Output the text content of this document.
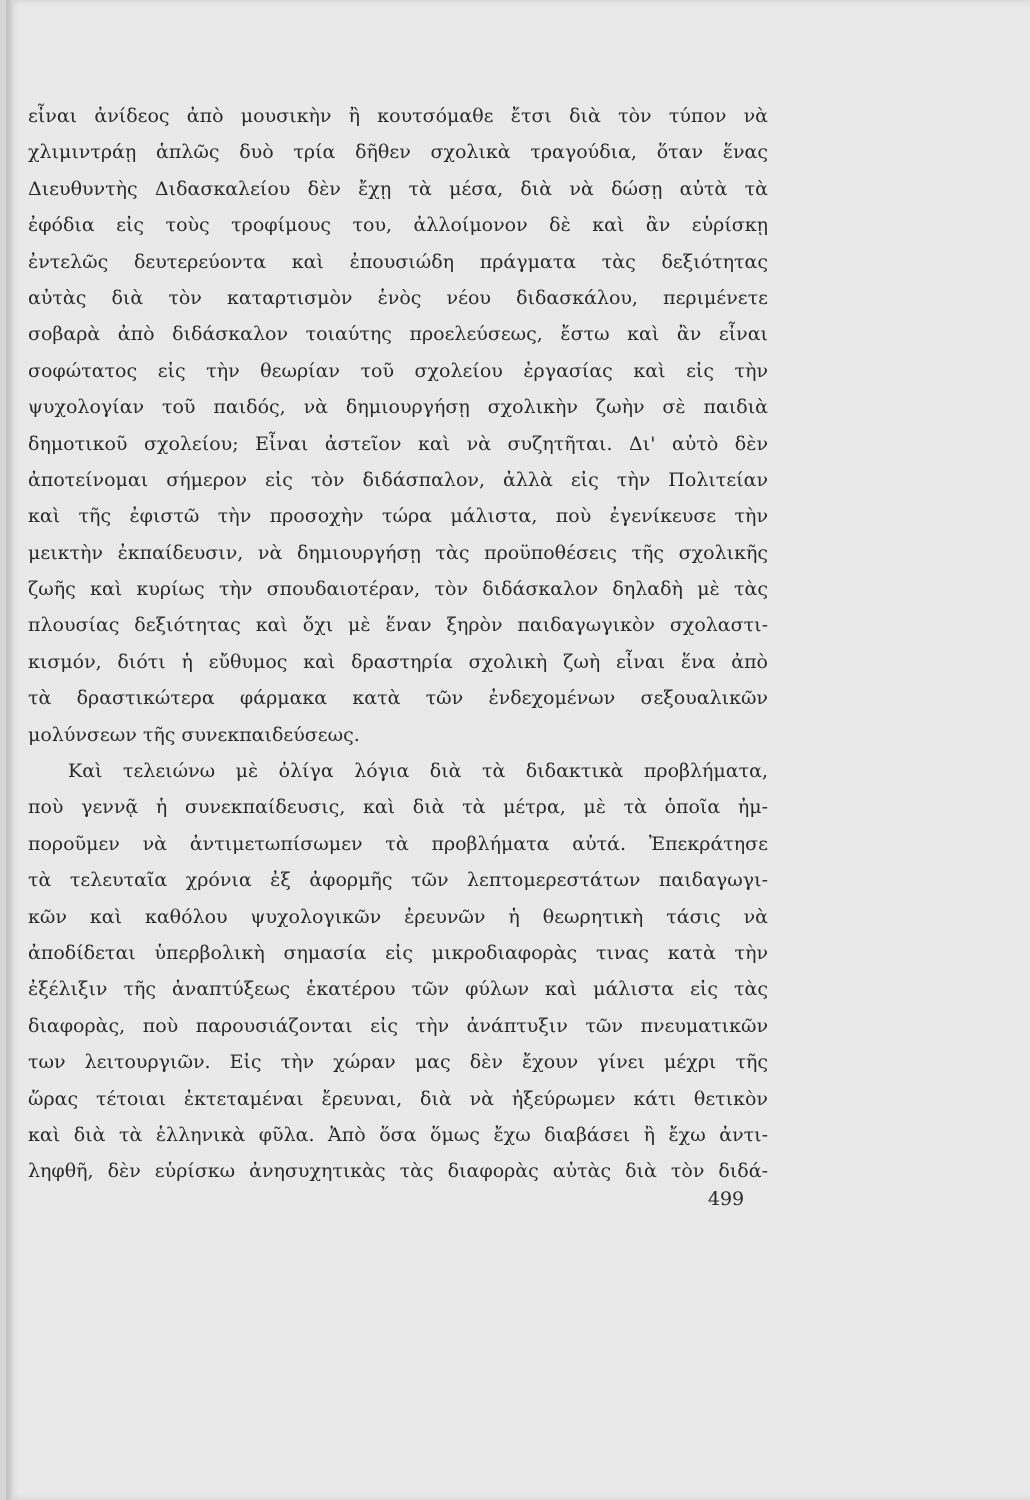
εἶναι ἀνίδεος ἀπὸ μουσικὴν ἢ κουτσόμαθε ἔτσι διὰ τὸν τύπον νὰ
χλιμιντράῃ ἁπλῶς δυὸ τρία δῆθεν σχολικὰ τραγούδια, ὅταν ἕνας
Διευθυντὴς Διδασκαλείου δὲν ἔχῃ τὰ μέσα, διὰ νὰ δώσῃ αὐτὰ τὰ
ἐφόδια εἰς τοὺς τροφίμους του, ἀλλοίμονον δὲ καὶ ἂν εὑρίσκῃ
ἐντελῶς δευτερεύοντα καὶ ἐπουσιώδη πράγματα τὰς δεξιότητας
αὐτὰς διὰ τὸν καταρτισμὸν ἑνὸς νέου διδασκάλου, περιμένετε
σοβαρὰ ἀπὸ διδάσκαλον τοιαύτης προελεύσεως, ἔστω καὶ ἂν εἶναι
σοφώτατος εἰς τὴν θεωρίαν τοῦ σχολείου ἐργασίας καὶ εἰς τὴν
ψυχολογίαν τοῦ παιδός, νὰ δημιουργήσῃ σχολικὴν ζωὴν σὲ παιδιὰ
δημοτικοῦ σχολείου; Εἶναι ἀστεῖον καὶ νὰ συζητῆται. Δι' αὐτὸ δὲν
ἀποτείνομαι σήμερον εἰς τὸν διδάσπαλον, ἀλλὰ εἰς τὴν Πολιτείαν
καὶ τῆς ἐφιστῶ τὴν προσοχὴν τώρα μάλιστα, ποὺ ἐγενίκευσε τὴν
μεικτὴν ἐκπαίδευσιν, νὰ δημιουργήσῃ τὰς προϋποθέσεις τῆς σχολικῆς
ζωῆς καὶ κυρίως τὴν σπουδαιοτέραν, τὸν διδάσκαλον δηλαδὴ μὲ τὰς
πλουσίας δεξιότητας καὶ ὄχι μὲ ἕναν ξηρὸν παιδαγωγικὸν σχολαστι-
κισμόν, διότι ἡ εὔθυμος καὶ δραστηρία σχολικὴ ζωὴ εἶναι ἕνα ἀπὸ
τὰ δραστικώτερα φάρμακα κατὰ τῶν ἐνδεχομένων σεξουαλικῶν
μολύνσεων τῆς συνεκπαιδεύσεως.
Καὶ τελειώνω μὲ ὀλίγα λόγια διὰ τὰ διδακτικὰ προβλήματα,
ποὺ γεννᾷ ἡ συνεκπαίδευσις, καὶ διὰ τὰ μέτρα, μὲ τὰ ὁποῖα ἠμ-
ποροῦμεν νὰ ἀντιμετωπίσωμεν τὰ προβλήματα αὐτά. Ἐπεκράτησε
τὰ τελευταῖα χρόνια ἐξ ἀφορμῆς τῶν λεπτομερεστάτων παιδαγωγι-
κῶν καὶ καθόλου ψυχολογικῶν ἐρευνῶν ἡ θεωρητικὴ τάσις νὰ
ἀποδίδεται ὑπερβολικὴ σημασία εἰς μικροδιαφορὰς τινας κατὰ τὴν
ἐξέλιξιν τῆς ἀναπτύξεως ἑκατέρου τῶν φύλων καὶ μάλιστα εἰς τὰς
διαφορὰς, ποὺ παρουσιάζονται εἰς τὴν ἀνάπτυξιν τῶν πνευματικῶν
των λειτουργιῶν. Εἰς τὴν χώραν μας δὲν ἔχουν γίνει μέχρι τῆς
ὥρας τέτοιαι ἐκτεταμέναι ἔρευναι, διὰ νὰ ἠξεύρωμεν κάτι θετικὸν
καὶ διὰ τὰ ἑλληνικὰ φῦλα. Ἀπὸ ὅσα ὅμως ἔχω διαβάσει ἢ ἔχω ἀντι-
ληφθῆ, δὲν εὑρίσκω ἀνησυχητικὰς τὰς διαφορὰς αὐτὰς διὰ τὸν διδά-
499
